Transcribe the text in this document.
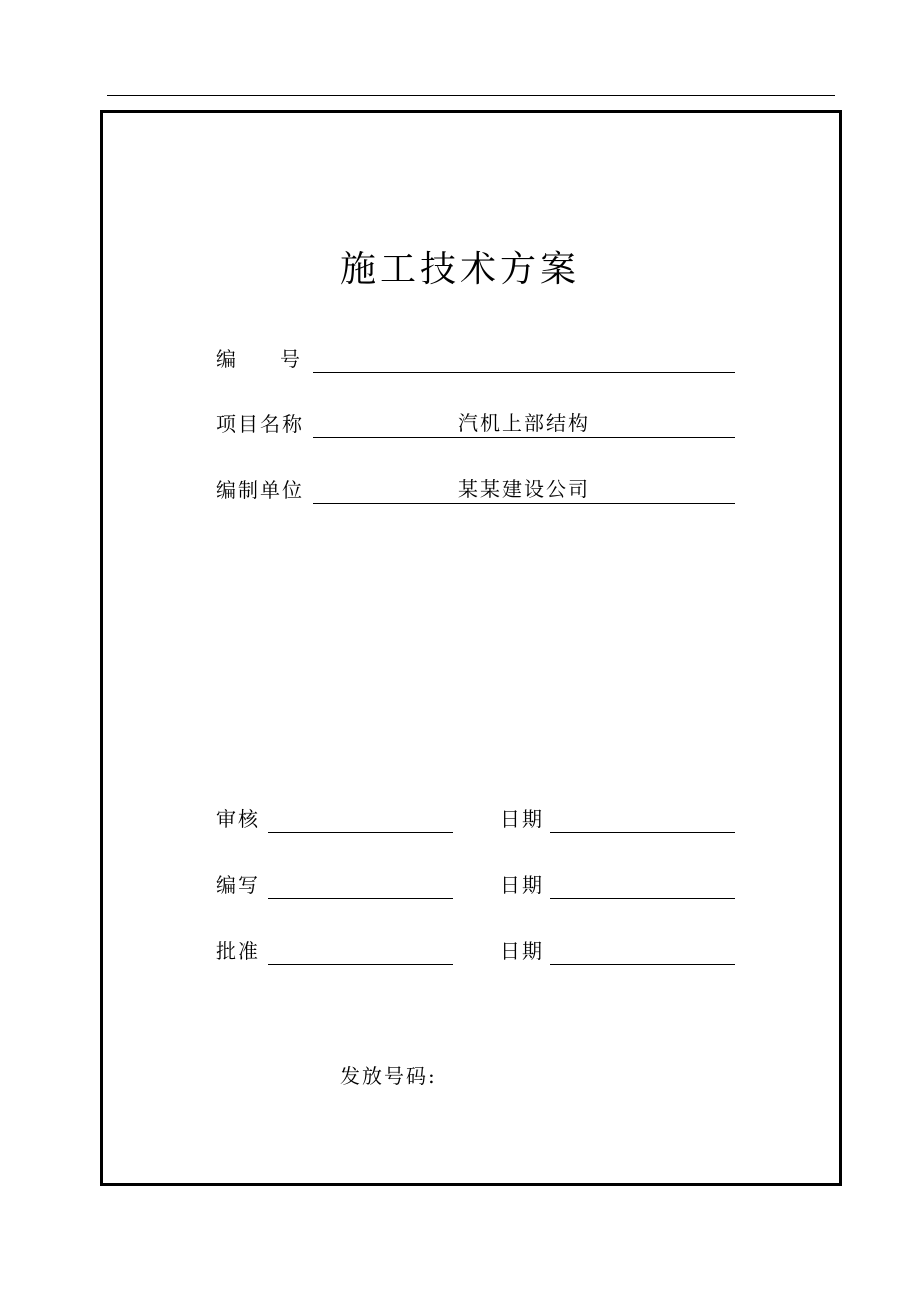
施工技术方案
编 号
项目名称	汽机上部结构
编制单位	某某建设公司
审核	日期
编写	日期
批准	日期
发放号码:
